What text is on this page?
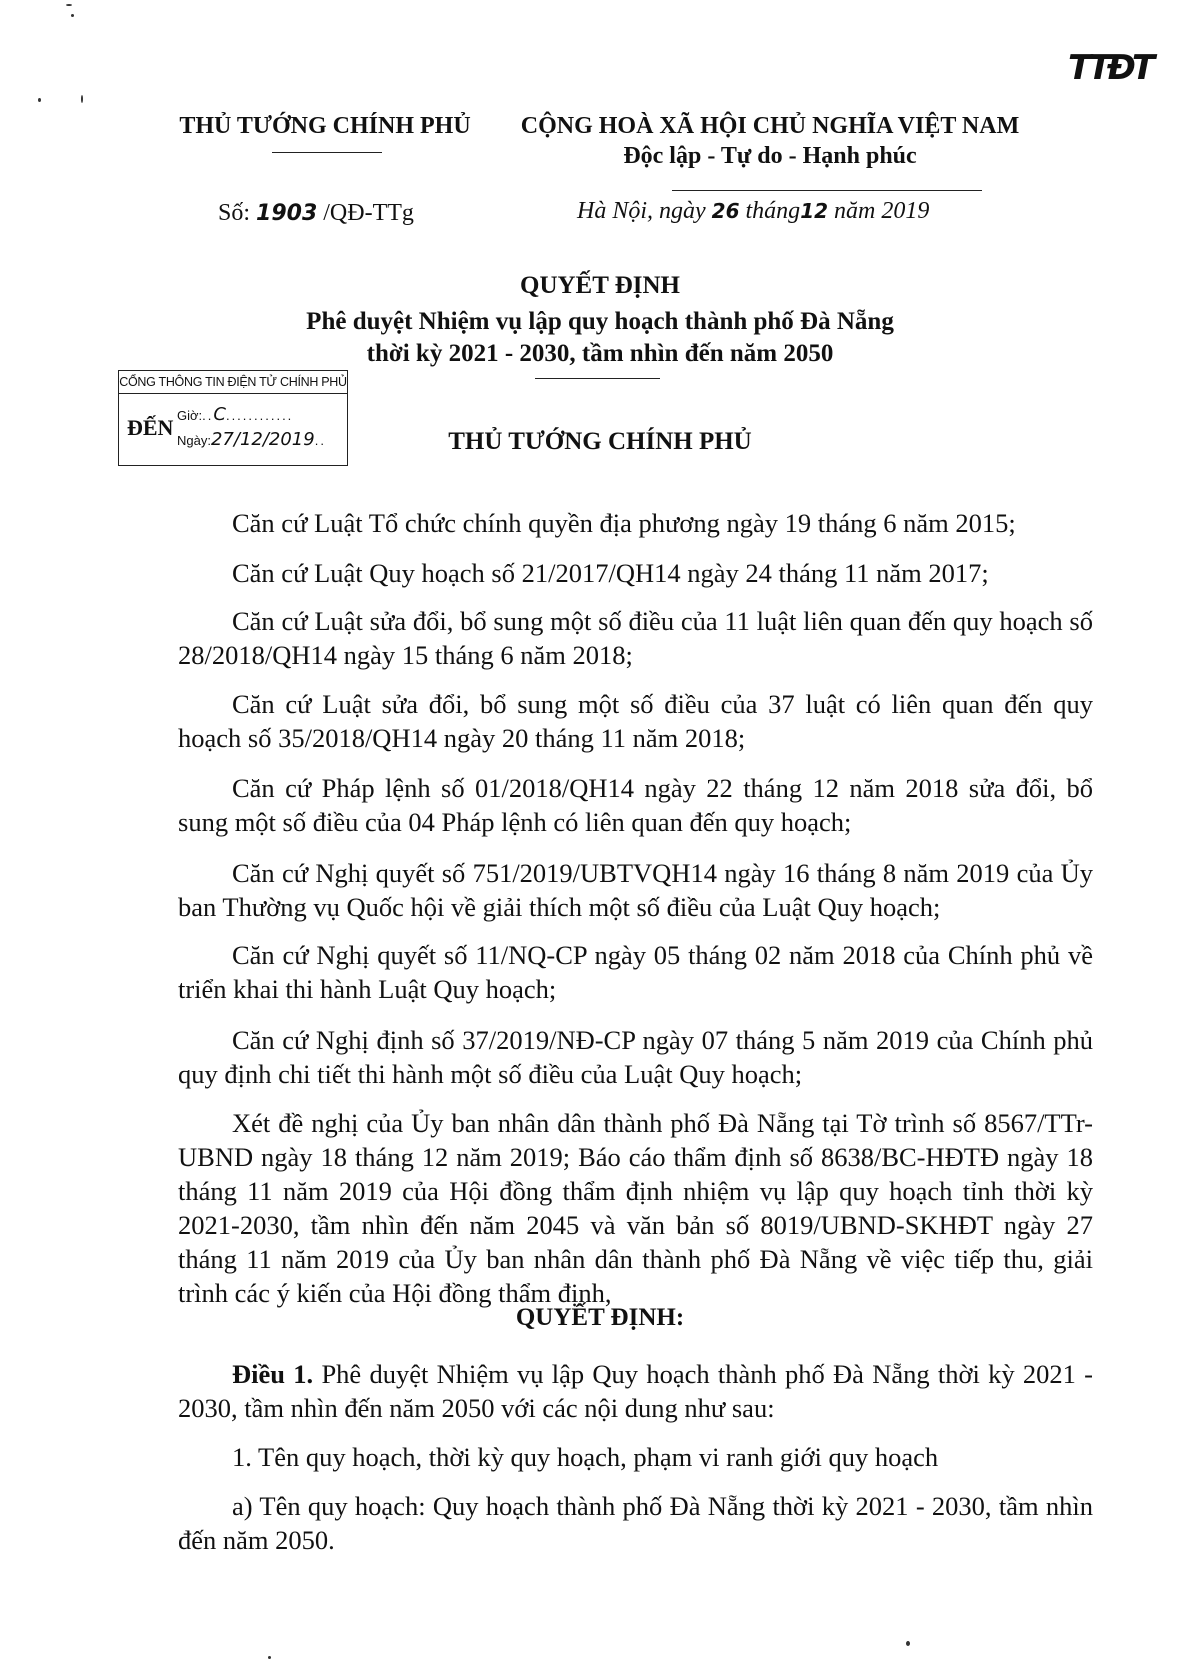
TTĐT
THỦ TƯỚNG CHÍNH PHỦ	CỘNG HOÀ XÃ HỘI CHỦ NGHĨA VIỆT NAM
Độc lập - Tự do - Hạnh phúc
Số: 1903 /QĐ-TTg	Hà Nội, ngày 26 tháng12 năm 2019
QUYẾT ĐỊNH
Phê duyệt Nhiệm vụ lập quy hoạch thành phố Đà Nẵng
thời kỳ 2021 - 2030, tầm nhìn đến năm 2050
CỔNG THÔNG TIN ĐIỆN TỬ CHÍNH PHỦ
ĐẾN Giờ:..C............
Ngày:27/12/2019..	THỦ TƯỚNG CHÍNH PHỦ
Căn cứ Luật Tổ chức chính quyền địa phương ngày 19 tháng 6 năm 2015;
Căn cứ Luật Quy hoạch số 21/2017/QH14 ngày 24 tháng 11 năm 2017;
Căn cứ Luật sửa đổi, bổ sung một số điều của 11 luật liên quan đến quy hoạch số 28/2018/QH14 ngày 15 tháng 6 năm 2018;
Căn cứ Luật sửa đổi, bổ sung một số điều của 37 luật có liên quan đến quy hoạch số 35/2018/QH14 ngày 20 tháng 11 năm 2018;
Căn cứ Pháp lệnh số 01/2018/QH14 ngày 22 tháng 12 năm 2018 sửa đổi, bổ sung một số điều của 04 Pháp lệnh có liên quan đến quy hoạch;
Căn cứ Nghị quyết số 751/2019/UBTVQH14 ngày 16 tháng 8 năm 2019 của Ủy ban Thường vụ Quốc hội về giải thích một số điều của Luật Quy hoạch;
Căn cứ Nghị quyết số 11/NQ-CP ngày 05 tháng 02 năm 2018 của Chính phủ về triển khai thi hành Luật Quy hoạch;
Căn cứ Nghị định số 37/2019/NĐ-CP ngày 07 tháng 5 năm 2019 của Chính phủ quy định chi tiết thi hành một số điều của Luật Quy hoạch;
Xét đề nghị của Ủy ban nhân dân thành phố Đà Nẵng tại Tờ trình số 8567/TTr-UBND ngày 18 tháng 12 năm 2019; Báo cáo thẩm định số 8638/BC-HĐTĐ ngày 18 tháng 11 năm 2019 của Hội đồng thẩm định nhiệm vụ lập quy hoạch tỉnh thời kỳ 2021-2030, tầm nhìn đến năm 2045 và văn bản số 8019/UBND-SKHĐT ngày 27 tháng 11 năm 2019 của Ủy ban nhân dân thành phố Đà Nẵng về việc tiếp thu, giải trình các ý kiến của Hội đồng thẩm định,
QUYẾT ĐỊNH:
Điều 1. Phê duyệt Nhiệm vụ lập Quy hoạch thành phố Đà Nẵng thời kỳ 2021 - 2030, tầm nhìn đến năm 2050 với các nội dung như sau:
1. Tên quy hoạch, thời kỳ quy hoạch, phạm vi ranh giới quy hoạch
a) Tên quy hoạch: Quy hoạch thành phố Đà Nẵng thời kỳ 2021 - 2030, tầm nhìn đến năm 2050.
